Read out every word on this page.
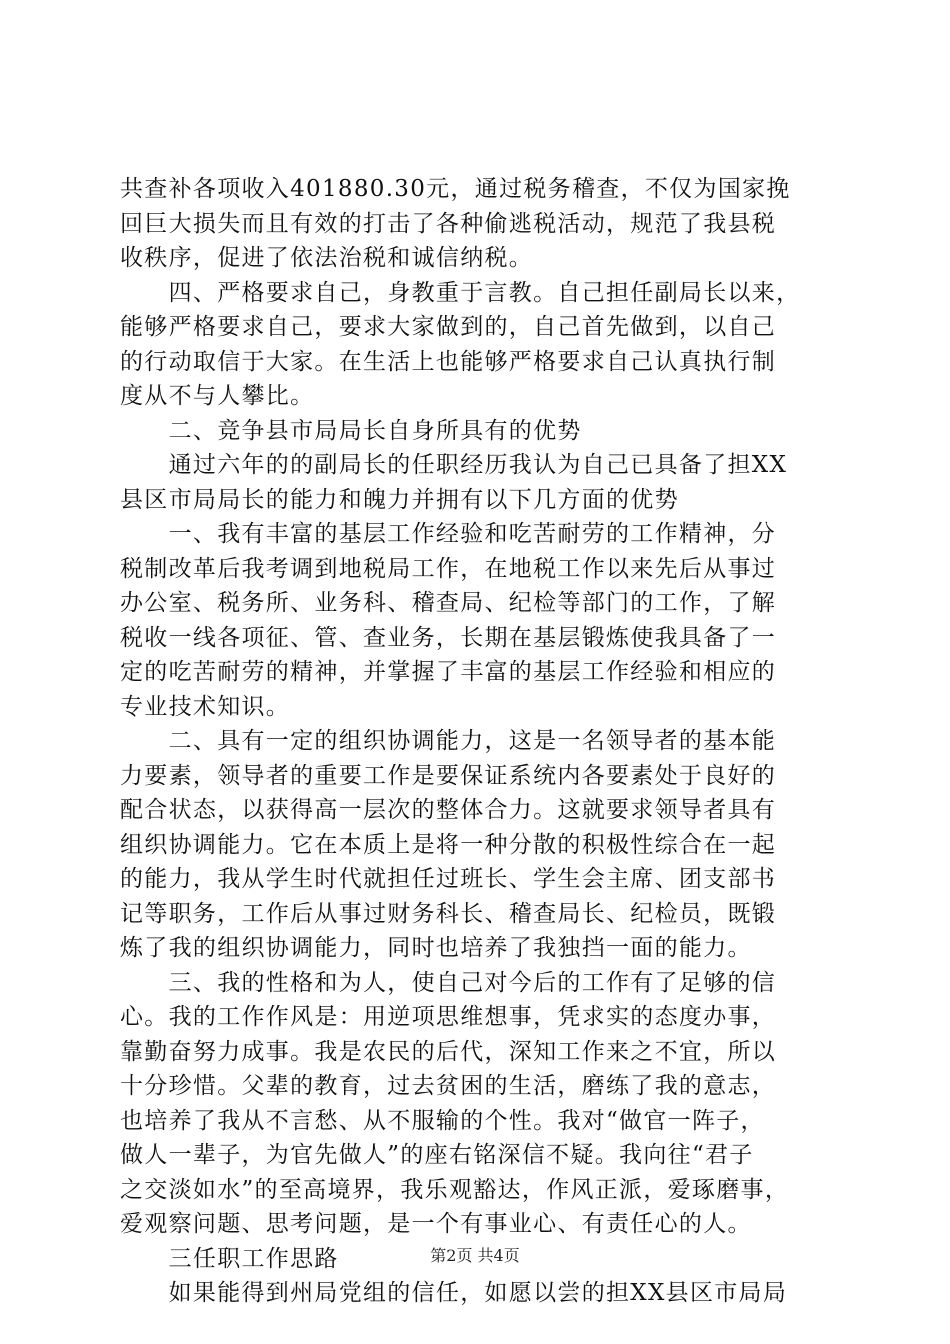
共查补各项收入401880.30元，通过税务稽查，不仅为国家挽
回巨大损失而且有效的打击了各种偷逃税活动，规范了我县税
收秩序，促进了依法治税和诚信纳税。
　　四、严格要求自己，身教重于言教。自己担任副局长以来，
能够严格要求自己，要求大家做到的，自己首先做到，以自己
的行动取信于大家。在生活上也能够严格要求自己认真执行制
度从不与人攀比。
　　二、竞争县市局局长自身所具有的优势
　　通过六年的的副局长的任职经历我认为自己已具备了担XX
县区市局局长的能力和魄力并拥有以下几方面的优势
　　一、我有丰富的基层工作经验和吃苦耐劳的工作精神，分
税制改革后我考调到地税局工作，在地税工作以来先后从事过
办公室、税务所、业务科、稽查局、纪检等部门的工作，了解
税收一线各项征、管、查业务，长期在基层锻炼使我具备了一
定的吃苦耐劳的精神，并掌握了丰富的基层工作经验和相应的
专业技术知识。
　　二、具有一定的组织协调能力，这是一名领导者的基本能
力要素，领导者的重要工作是要保证系统内各要素处于良好的
配合状态，以获得高一层次的整体合力。这就要求领导者具有
组织协调能力。它在本质上是将一种分散的积极性综合在一起
的能力，我从学生时代就担任过班长、学生会主席、团支部书
记等职务，工作后从事过财务科长、稽查局长、纪检员，既锻
炼了我的组织协调能力，同时也培养了我独挡一面的能力。
　　三、我的性格和为人，使自己对今后的工作有了足够的信
心。我的工作作风是：用逆项思维想事，凭求实的态度办事，
靠勤奋努力成事。我是农民的后代，深知工作来之不宜，所以
十分珍惜。父辈的教育，过去贫困的生活，磨练了我的意志，
也培养了我从不言愁、从不服输的个性。我对“做官一阵子，
做人一辈子，为官先做人”的座右铭深信不疑。我向往“君子
之交淡如水”的至高境界，我乐观豁达，作风正派，爱琢磨事，
爱观察问题、思考问题，是一个有事业心、有责任心的人。
　　三任职工作思路
　　如果能得到州局党组的信任，如愿以尝的担XX县区市局局
第2页 共4页
